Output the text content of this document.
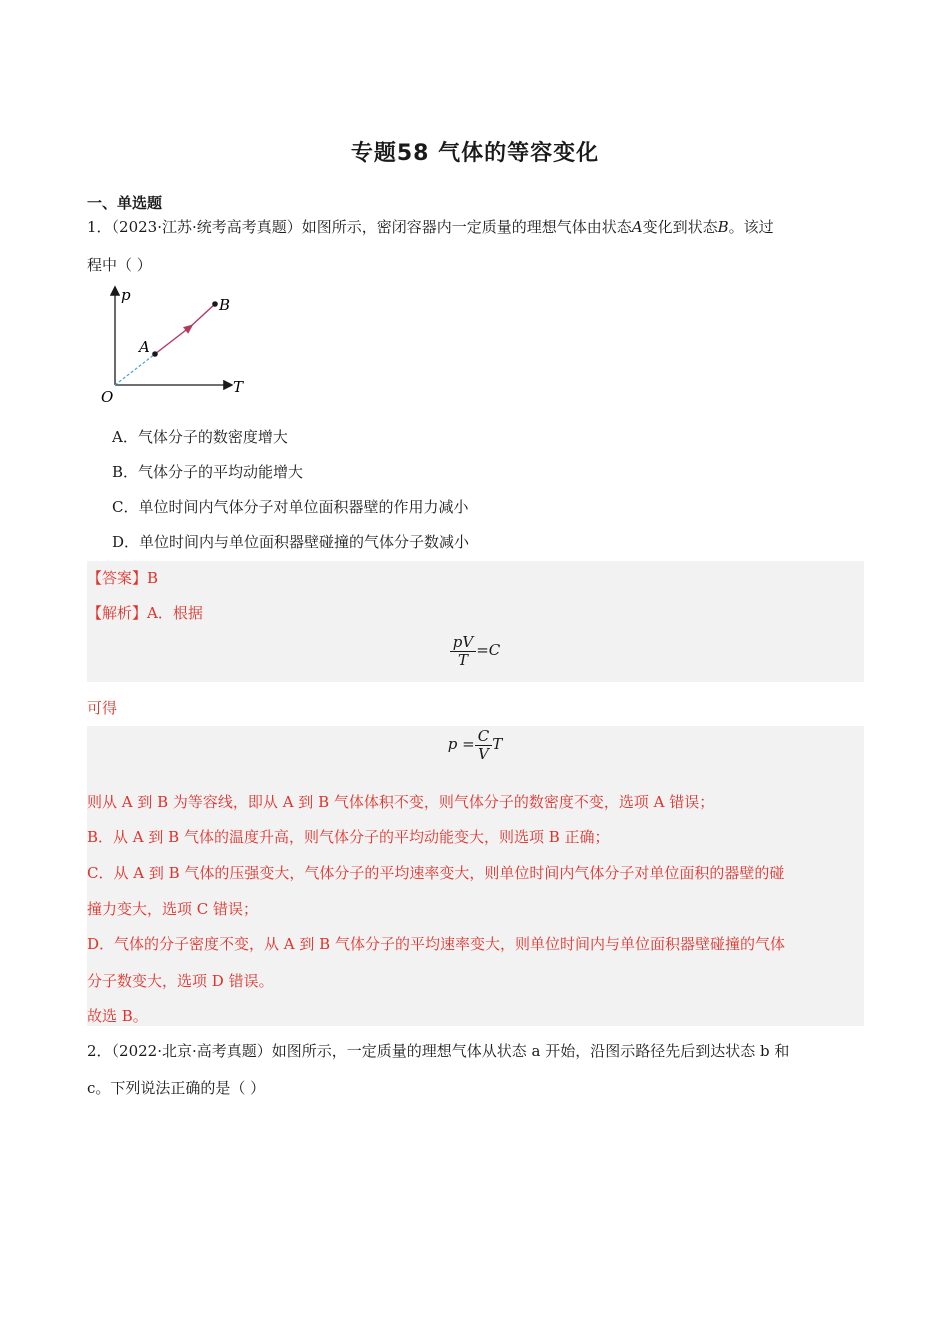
专题58 气体的等容变化
一、单选题
1．（2023·江苏·统考高考真题）如图所示，密闭容器内一定质量的理想气体由状态A变化到状态B。该过
程中（ ）
p
T
O
A
B
A．气体分子的数密度增大
B．气体分子的平均动能增大
C．单位时间内气体分子对单位面积器壁的作用力减小
D．单位时间内与单位面积器壁碰撞的气体分子数减小
【答案】B
【解析】A．根据
$\frac{pV}{T} =C$
可得
$p = \frac{C}{V}$ T
则从 A 到 B 为等容线，即从 A 到 B 气体体积不变，则气体分子的数密度不变，选项 A 错误；
B．从 A 到 B 气体的温度升高，则气体分子的平均动能变大，则选项 B 正确；
C．从 A 到 B 气体的压强变大，气体分子的平均速率变大，则单位时间内气体分子对单位面积的器壁的碰
撞力变大，选项 C 错误；
D．气体的分子密度不变，从 A 到 B 气体分子的平均速率变大，则单位时间内与单位面积器壁碰撞的气体
分子数变大，选项 D 错误。
故选 B。
2．（2022·北京·高考真题）如图所示，一定质量的理想气体从状态 a 开始，沿图示路径先后到达状态 b 和
c。下列说法正确的是（ ）
